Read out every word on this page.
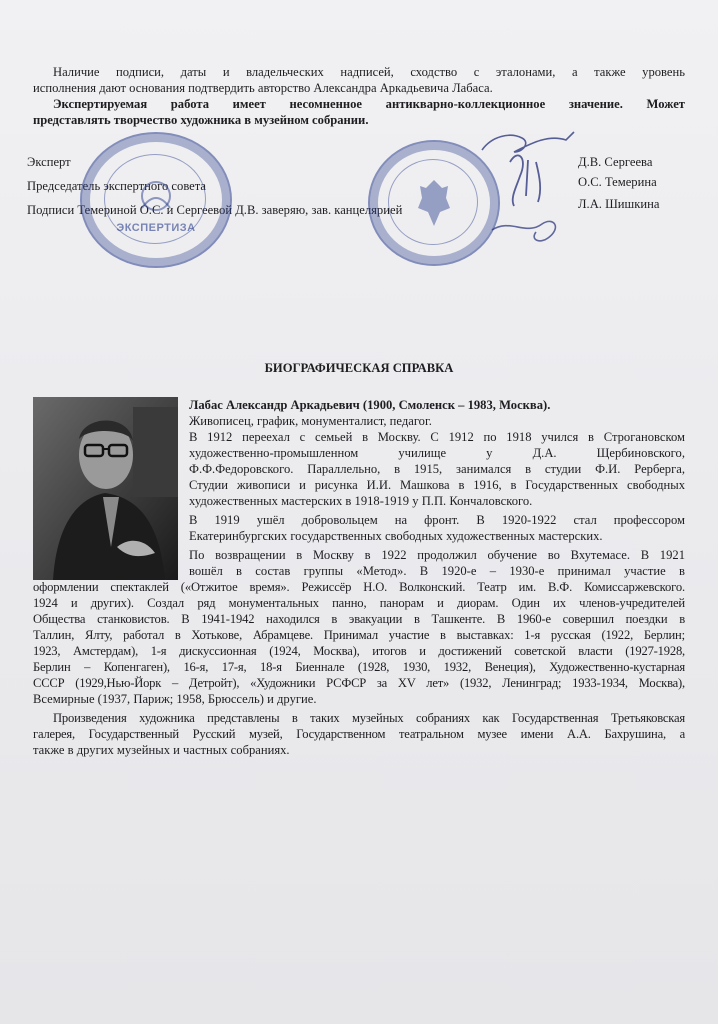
Наличие подписи, даты и владельческих надписей, сходство с эталонами, а также уровень

исполнения дают основания подтвердить авторство Александра Аркадьевича Лабаса.

Экспертируемая работа имеет несомненное антикварно-коллекционное значение. Может

представлять творчество художника в музейном собрании.

Эксперт

Председатель экспертного совета

Подписи Темериной О.С. и Сергеевой Д.В. заверяю, зав. канцелярией

Д.В. Сергеева

О.С. Темерина

Л.А. Шишкина

ЭКСПЕРТИЗА

БИОГРАФИЧЕСКАЯ СПРАВКА

Лабас Александр Аркадьевич (1900, Смоленск – 1983, Москва).

Живописец, график, монументалист, педагог.

В 1912 переехал с семьей в Москву. С 1912 по 1918 учился в Строгановском

художественно-промышленном училище у Д.А. Щербиновского,

Ф.Ф.Федоровского. Параллельно, в 1915, занимался в студии Ф.И. Рерберга,

Студии живописи и рисунка И.И. Машкова в 1916, в Государственных свободных

художественных мастерских в 1918-1919 у П.П. Кончаловского.

В 1919 ушёл добровольцем на фронт. В 1920-1922 стал профессором

Екатеринбургских государственных свободных художественных мастерских.

По возвращении в Москву в 1922 продолжил обучение во Вхутемасе. В 1921

вошёл в состав группы «Метод». В 1920-е – 1930-е принимал участие в

оформлении спектаклей («Отжитое время». Режиссёр Н.О. Волконский. Театр им. В.Ф. Комиссаржевского.

1924 и других). Создал ряд монументальных панно, панорам и диорам. Один их членов-учредителей

Общества станковистов. В 1941-1942 находился в эвакуации в Ташкенте. В 1960-е совершил поездки в

Таллин, Ялту, работал в Хотькове, Абрамцеве. Принимал участие в выставках: 1-я русская (1922, Берлин;

1923, Амстердам), 1-я дискуссионная (1924, Москва), итогов и достижений советской власти (1927-1928,

Берлин – Копенгаген), 16-я, 17-я, 18-я Биеннале (1928, 1930, 1932, Венеция), Художественно-кустарная

СССР (1929,Нью-Йорк – Детройт), «Художники РСФСР за XV лет» (1932, Ленинград; 1933-1934, Москва),

Всемирные (1937, Париж; 1958, Брюссель) и другие.

Произведения художника представлены в таких музейных собраниях как Государственная Третьяковская

галерея, Государственный Русский музей, Государственном театральном музее имени А.А. Бахрушина, а

также в других музейных и частных собраниях.
